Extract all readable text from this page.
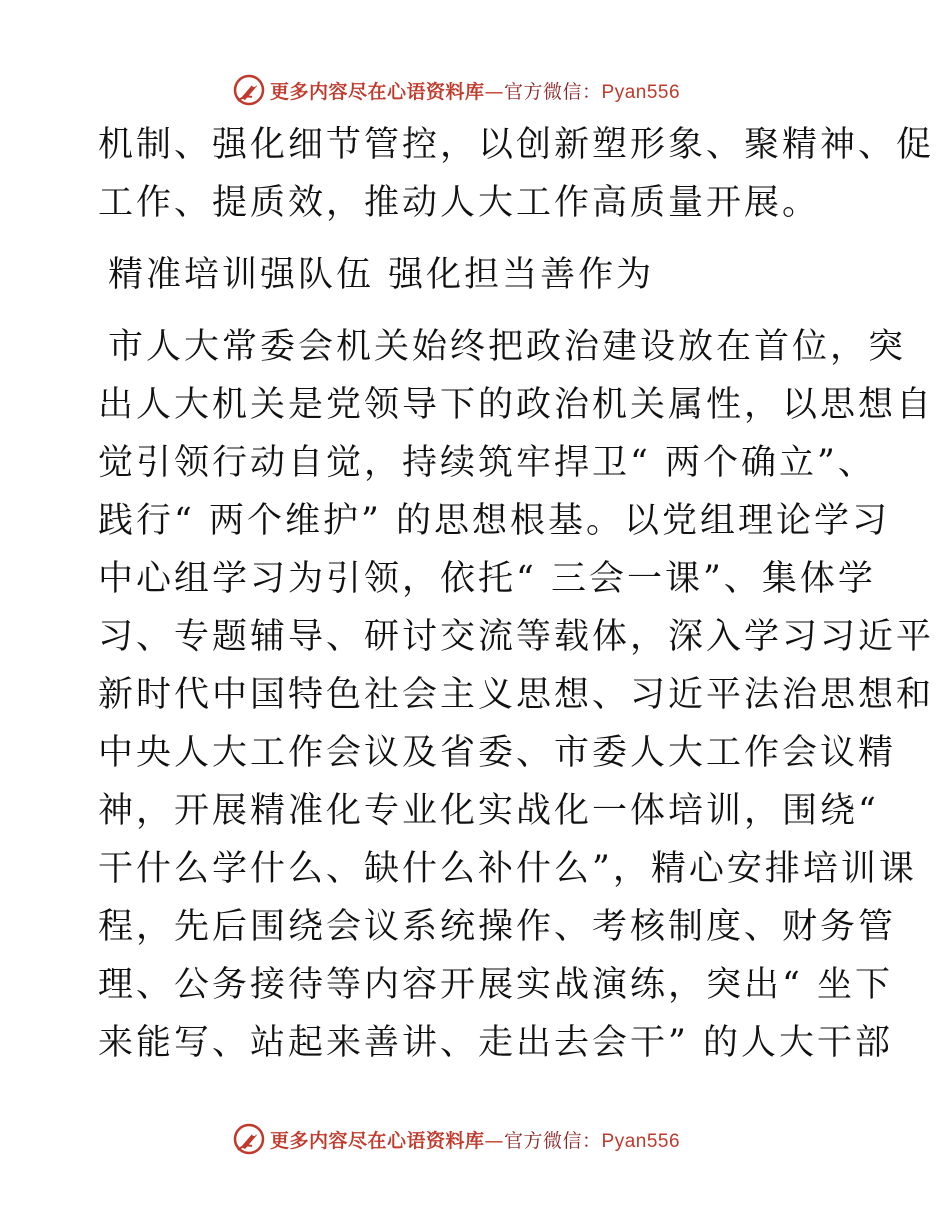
更多内容尽在心语资料库—官方微信：Pyan556
机制、强化细节管控，以创新塑形象、聚精神、促
工作、提质效，推动人大工作高质量开展。
精准培训强队伍 强化担当善作为
市人大常委会机关始终把政治建设放在首位，突
出人大机关是党领导下的政治机关属性，以思想自
觉引领行动自觉，持续筑牢捍卫“ 两个确立”、
践行“ 两个维护” 的思想根基。以党组理论学习
中心组学习为引领，依托“ 三会一课”、集体学
习、专题辅导、研讨交流等载体，深入学习习近平
新时代中国特色社会主义思想、习近平法治思想和
中央人大工作会议及省委、市委人大工作会议精
神，开展精准化专业化实战化一体培训，围绕“
干什么学什么、缺什么补什么”，精心安排培训课
程，先后围绕会议系统操作、考核制度、财务管
理、公务接待等内容开展实战演练，突出“ 坐下
来能写、站起来善讲、走出去会干” 的人大干部
更多内容尽在心语资料库—官方微信：Pyan556
